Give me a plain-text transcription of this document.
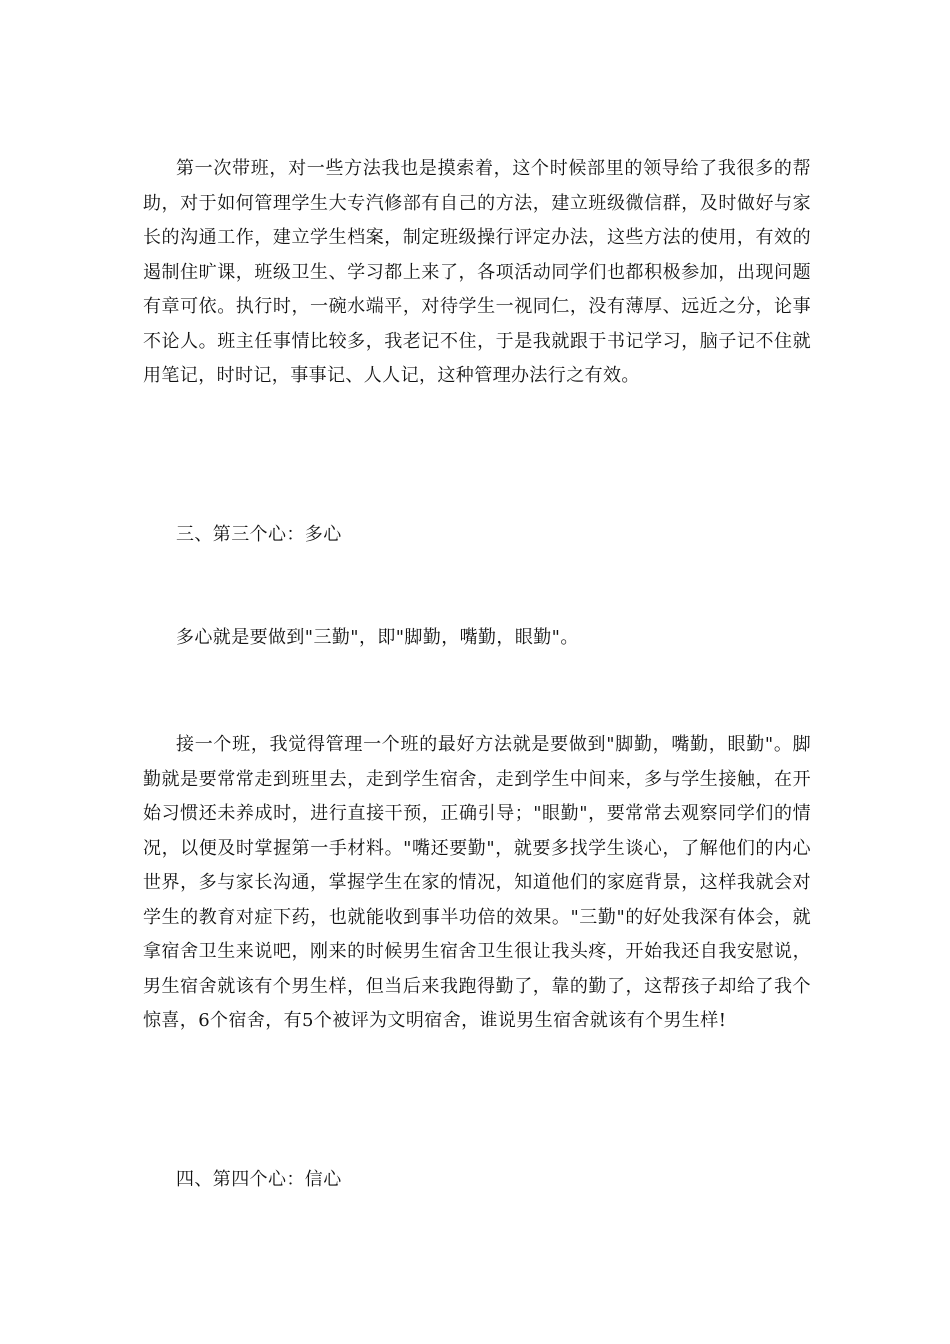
第一次带班，对一些方法我也是摸索着，这个时候部里的领导给了我很多的帮助，对于如何管理学生大专汽修部有自己的方法，建立班级微信群，及时做好与家长的沟通工作，建立学生档案，制定班级操行评定办法，这些方法的使用，有效的遏制住旷课，班级卫生、学习都上来了，各项活动同学们也都积极参加，出现问题有章可依。执行时，一碗水端平，对待学生一视同仁，没有薄厚、远近之分，论事不论人。班主任事情比较多，我老记不住，于是我就跟于书记学习，脑子记不住就用笔记，时时记，事事记、人人记，这种管理办法行之有效。

三、第三个心：多心

多心就是要做到"三勤"，即"脚勤，嘴勤，眼勤"。

接一个班，我觉得管理一个班的最好方法就是要做到"脚勤，嘴勤，眼勤"。脚勤就是要常常走到班里去，走到学生宿舍，走到学生中间来，多与学生接触，在开始习惯还未养成时，进行直接干预，正确引导；"眼勤"，要常常去观察同学们的情况，以便及时掌握第一手材料。"嘴还要勤"，就要多找学生谈心，了解他们的内心世界，多与家长沟通，掌握学生在家的情况，知道他们的家庭背景，这样我就会对学生的教育对症下药，也就能收到事半功倍的效果。"三勤"的好处我深有体会，就拿宿舍卫生来说吧，刚来的时候男生宿舍卫生很让我头疼，开始我还自我安慰说，男生宿舍就该有个男生样，但当后来我跑得勤了，靠的勤了，这帮孩子却给了我个惊喜，6个宿舍，有5个被评为文明宿舍，谁说男生宿舍就该有个男生样!

四、第四个心：信心
